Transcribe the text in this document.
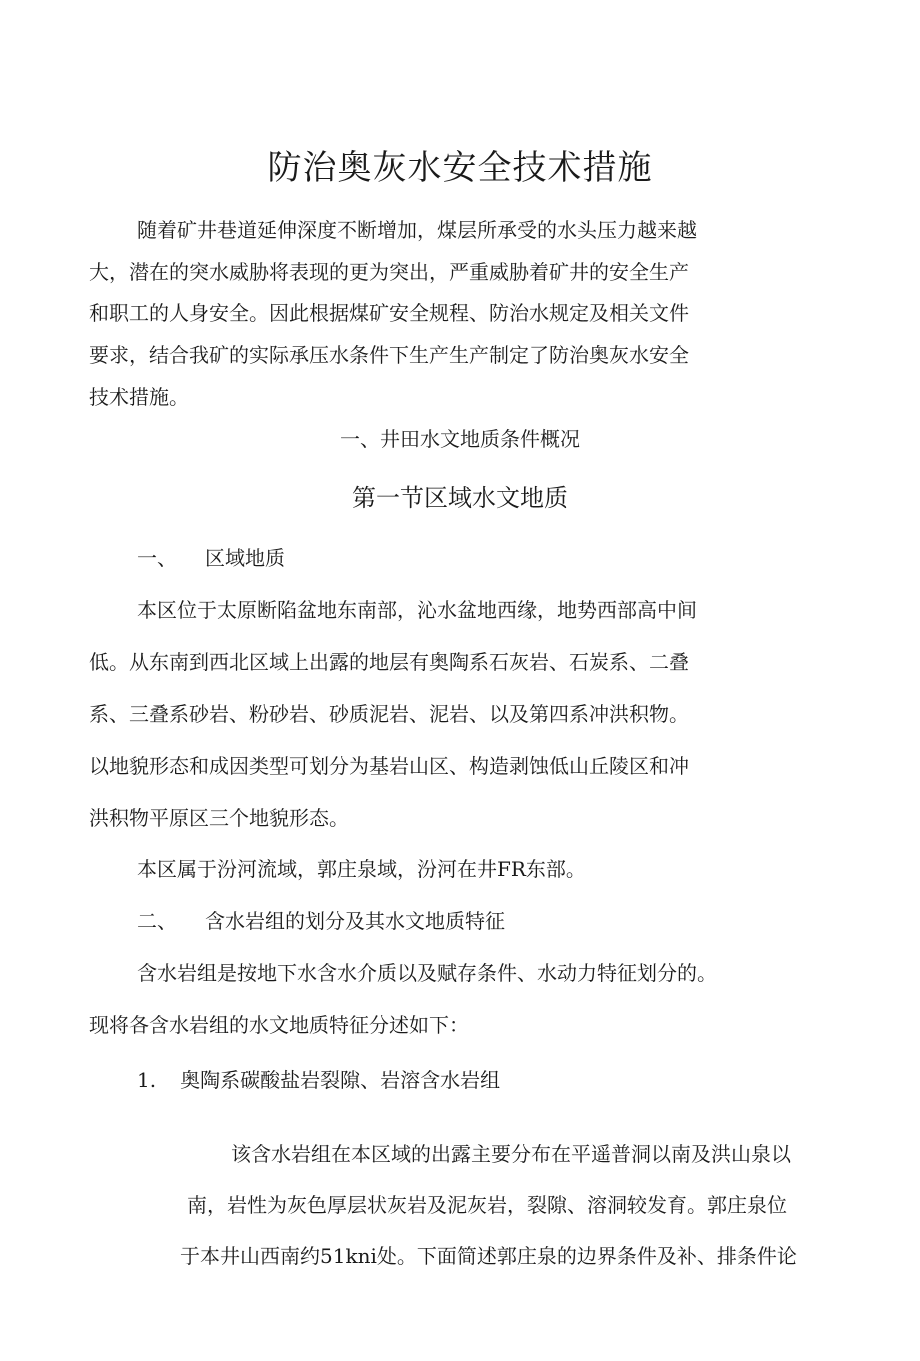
防治奥灰水安全技术措施
随着矿井巷道延伸深度不断增加，煤层所承受的水头压力越来越
大，潜在的突水威胁将表现的更为突出，严重威胁着矿井的安全生产
和职工的人身安全。因此根据煤矿安全规程、防治水规定及相关文件
要求，结合我矿的实际承压水条件下生产生产制定了防治奥灰水安全
技术措施。
一、井田水文地质条件概况
第一节区域水文地质
一、 区域地质
本区位于太原断陷盆地东南部，沁水盆地西缘，地势西部高中间
低。从东南到西北区域上出露的地层有奥陶系石灰岩、石炭系、二叠
系、三叠系砂岩、粉砂岩、砂质泥岩、泥岩、以及第四系冲洪积物。
以地貌形态和成因类型可划分为基岩山区、构造剥蚀低山丘陵区和冲
洪积物平原区三个地貌形态。
本区属于汾河流域，郭庄泉域，汾河在井FR东部。
二、 含水岩组的划分及其水文地质特征
含水岩组是按地下水含水介质以及赋存条件、水动力特征划分的。
现将各含水岩组的水文地质特征分述如下：
1. 奥陶系碳酸盐岩裂隙、岩溶含水岩组
该含水岩组在本区域的出露主要分布在平遥普洞以南及洪山泉以
南，岩性为灰色厚层状灰岩及泥灰岩，裂隙、溶洞较发育。郭庄泉位
于本井山西南约51kni处。下面简述郭庄泉的边界条件及补、排条件论
